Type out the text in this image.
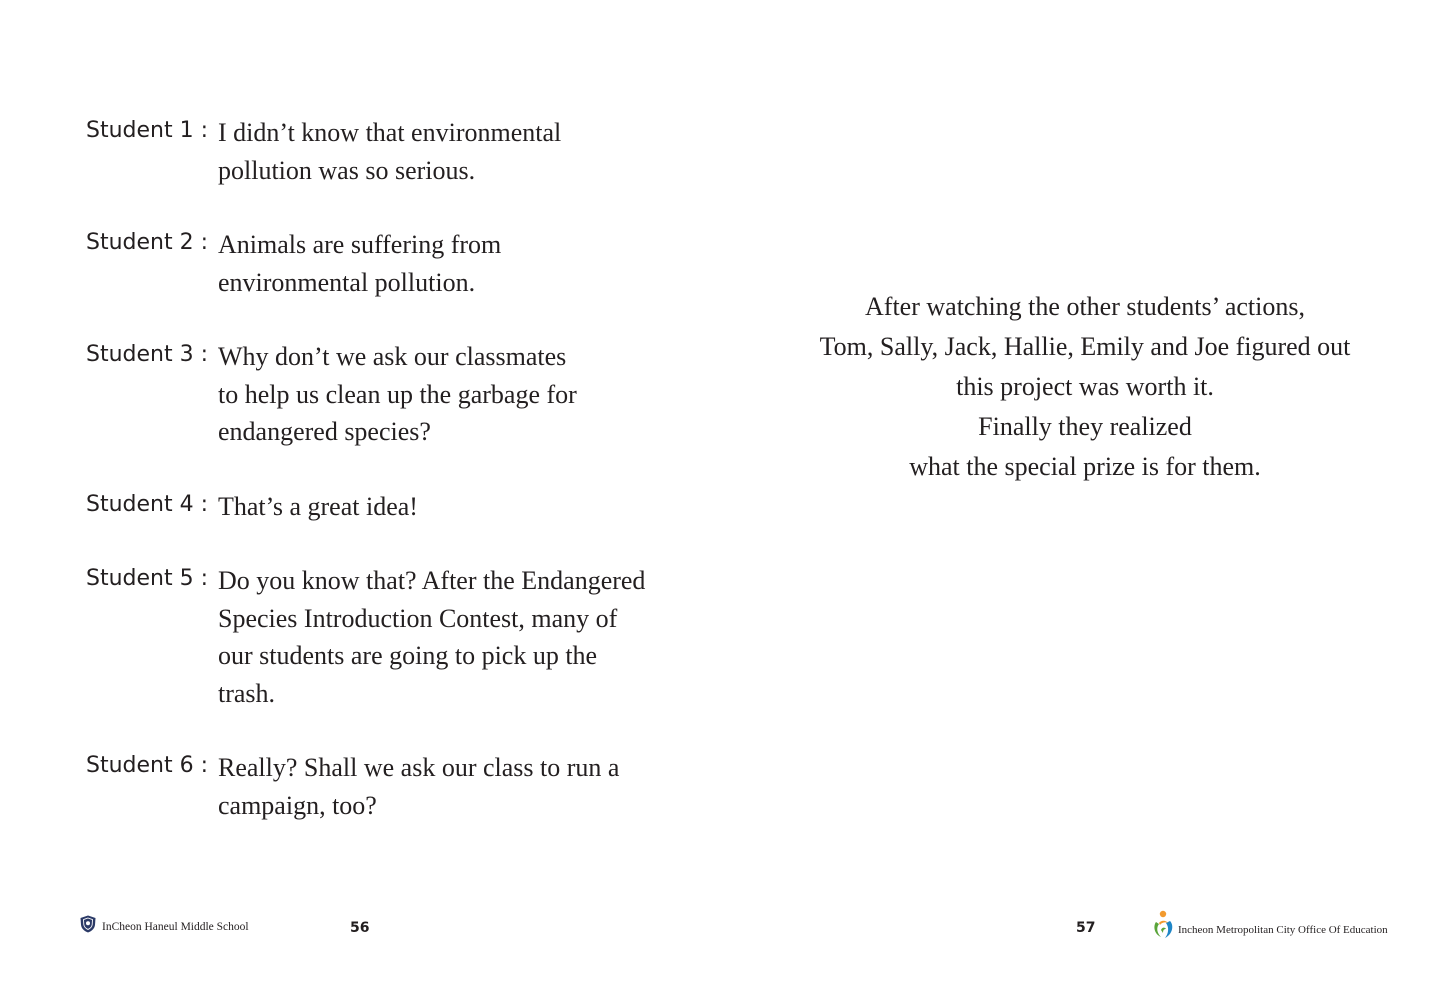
Student 1 : I didn’t know that environmental
pollution was so serious.
Student 2 : Animals are suffering from
environmental pollution.
Student 3 : Why don’t we ask our classmates
to help us clean up the garbage for
endangered species?
Student 4 : That’s a great idea!
Student 5 : Do you know that? After the Endangered
Species Introduction Contest, many of
our students are going to pick up the
trash.
Student 6 : Really? Shall we ask our class to run a
campaign, too?
After watching the other students’ actions,
Tom, Sally, Jack, Hallie, Emily and Joe figured out
this project was worth it.
Finally they realized
what the special prize is for them.
InCheon Haneul Middle School	56	57	Incheon Metropolitan City Office Of Education
